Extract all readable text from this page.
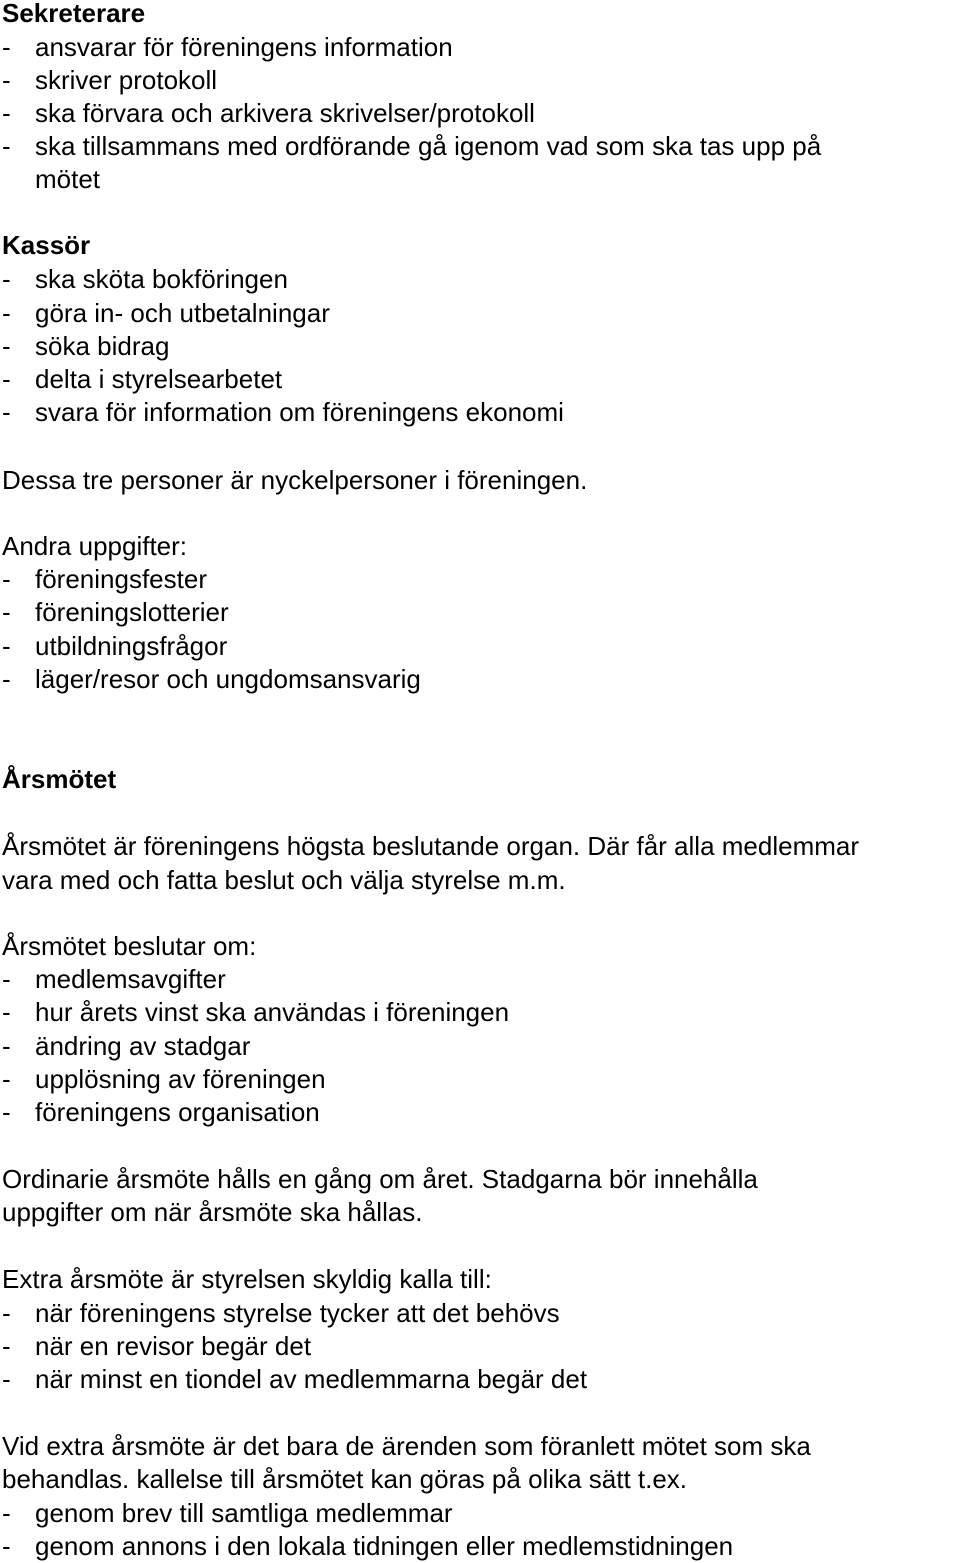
Sekreterare
- ansvarar för föreningens information
- skriver protokoll
- ska förvara och arkivera skrivelser/protokoll
- ska tillsammans med ordförande gå igenom vad som ska tas upp på
mötet
Kassör
- ska sköta bokföringen
- göra in- och utbetalningar
- söka bidrag
- delta i styrelsearbetet
- svara för information om föreningens ekonomi
Dessa tre personer är nyckelpersoner i föreningen.
Andra uppgifter:
- föreningsfester
- föreningslotterier
- utbildningsfrågor
- läger/resor och ungdomsansvarig
Årsmötet
Årsmötet är föreningens högsta beslutande organ. Där får alla medlemmar
vara med och fatta beslut och välja styrelse m.m.
Årsmötet beslutar om:
- medlemsavgifter
- hur årets vinst ska användas i föreningen
- ändring av stadgar
- upplösning av föreningen
- föreningens organisation
Ordinarie årsmöte hålls en gång om året. Stadgarna bör innehålla
uppgifter om när årsmöte ska hållas.
Extra årsmöte är styrelsen skyldig kalla till:
- när föreningens styrelse tycker att det behövs
- när en revisor begär det
- när minst en tiondel av medlemmarna begär det
Vid extra årsmöte är det bara de ärenden som föranlett mötet som ska
behandlas. kallelse till årsmötet kan göras på olika sätt t.ex.
- genom brev till samtliga medlemmar
- genom annons i den lokala tidningen eller medlemstidningen
